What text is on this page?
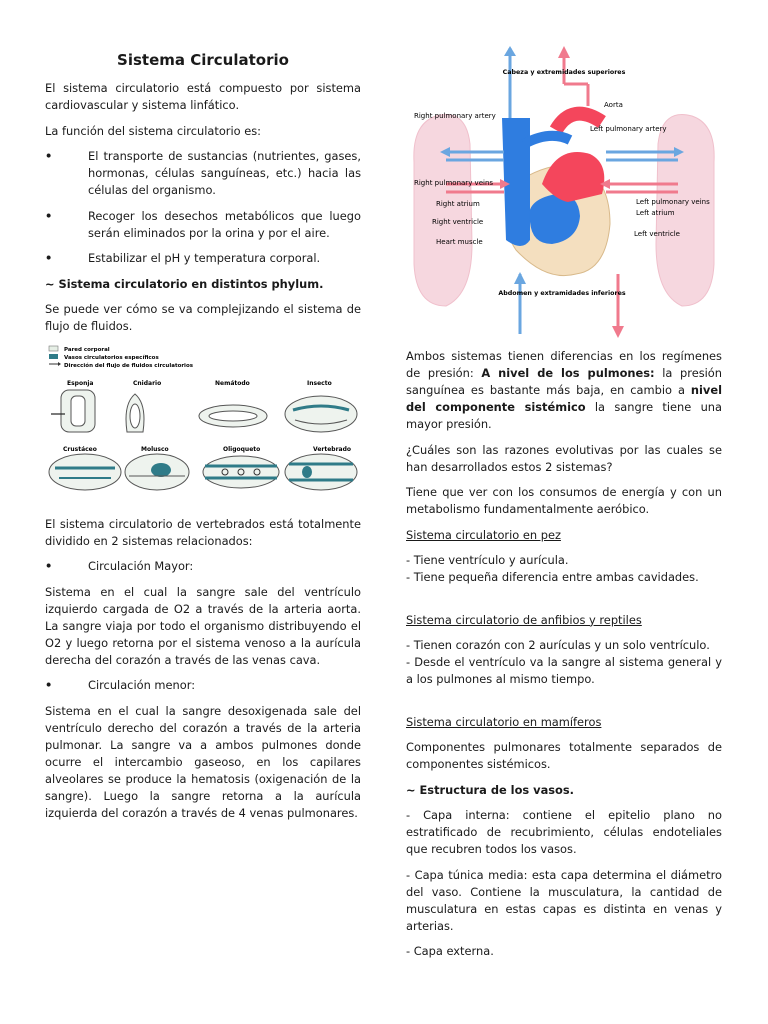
Sistema Circulatorio

El sistema circulatorio está compuesto por sistema cardiovascular y sistema linfático.

La función del sistema circulatorio es:

•	El transporte de sustancias (nutrientes, gases, hormonas, células sanguíneas, etc.) hacia las células del organismo.
•	Recoger los desechos metabólicos que luego serán eliminados por la orina y por el aire.
•	Estabilizar el pH y temperatura corporal.

~ Sistema circulatorio en distintos phylum.

Se puede ver cómo se va complejizando el sistema de flujo de fluidos.

Pared corporal
Vasos circulatorios específicos
Dirección del flujo de fluidos circulatorios
Esponja	Cnidario	Nemátodo	Insecto
Crustáceo	Molusco	Oligoqueto	Vertebrado

El sistema circulatorio de vertebrados está totalmente dividido en 2 sistemas relacionados:

•	Circulación Mayor:

Sistema en el cual la sangre sale del ventrículo izquierdo cargada de O2 a través de la arteria aorta. La sangre viaja por todo el organismo distribuyendo el O2 y luego retorna por el sistema venoso a la aurícula derecha del corazón a través de las venas cava.

•	Circulación menor:

Sistema en el cual la sangre desoxigenada sale del ventrículo derecho del corazón a través de la arteria pulmonar. La sangre va a ambos pulmones donde ocurre el intercambio gaseoso, en los capilares alveolares se produce la hematosis (oxigenación de la sangre). Luego la sangre retorna a la aurícula izquierda del corazón a través de 4 venas pulmonares.

Cabeza y extremidades superiores
Abdomen y extramidades inferiores
Right pulmonary artery
Aorta
Left pulmonary artery
Right pulmonary veins
Right atrium
Right ventricle
Heart muscle
Left pulmonary veins
Left atrium
Left ventricle

Ambos sistemas tienen diferencias en los regímenes de presión: A nivel de los pulmones: la presión sanguínea es bastante más baja, en cambio a nivel del componente sistémico la sangre tiene una mayor presión.

¿Cuáles son las razones evolutivas por las cuales se han desarrollados estos 2 sistemas?

Tiene que ver con los consumos de energía y con un metabolismo fundamentalmente aeróbico.

Sistema circulatorio en pez

- Tiene ventrículo y aurícula.

- Tiene pequeña diferencia entre ambas cavidades.

Sistema circulatorio de anfibios y reptiles

- Tienen corazón con 2 aurículas y un solo ventrículo.

- Desde el ventrículo va la sangre al sistema general y a los pulmones al mismo tiempo.

Sistema circulatorio en mamíferos

Componentes pulmonares totalmente separados de componentes sistémicos.

~ Estructura de los vasos.

- Capa interna: contiene el epitelio plano no estratificado de recubrimiento, células endoteliales que recubren todos los vasos.

- Capa túnica media: esta capa determina el diámetro del vaso. Contiene la musculatura, la cantidad de musculatura en estas capas es distinta en venas y arterias.

- Capa externa.
